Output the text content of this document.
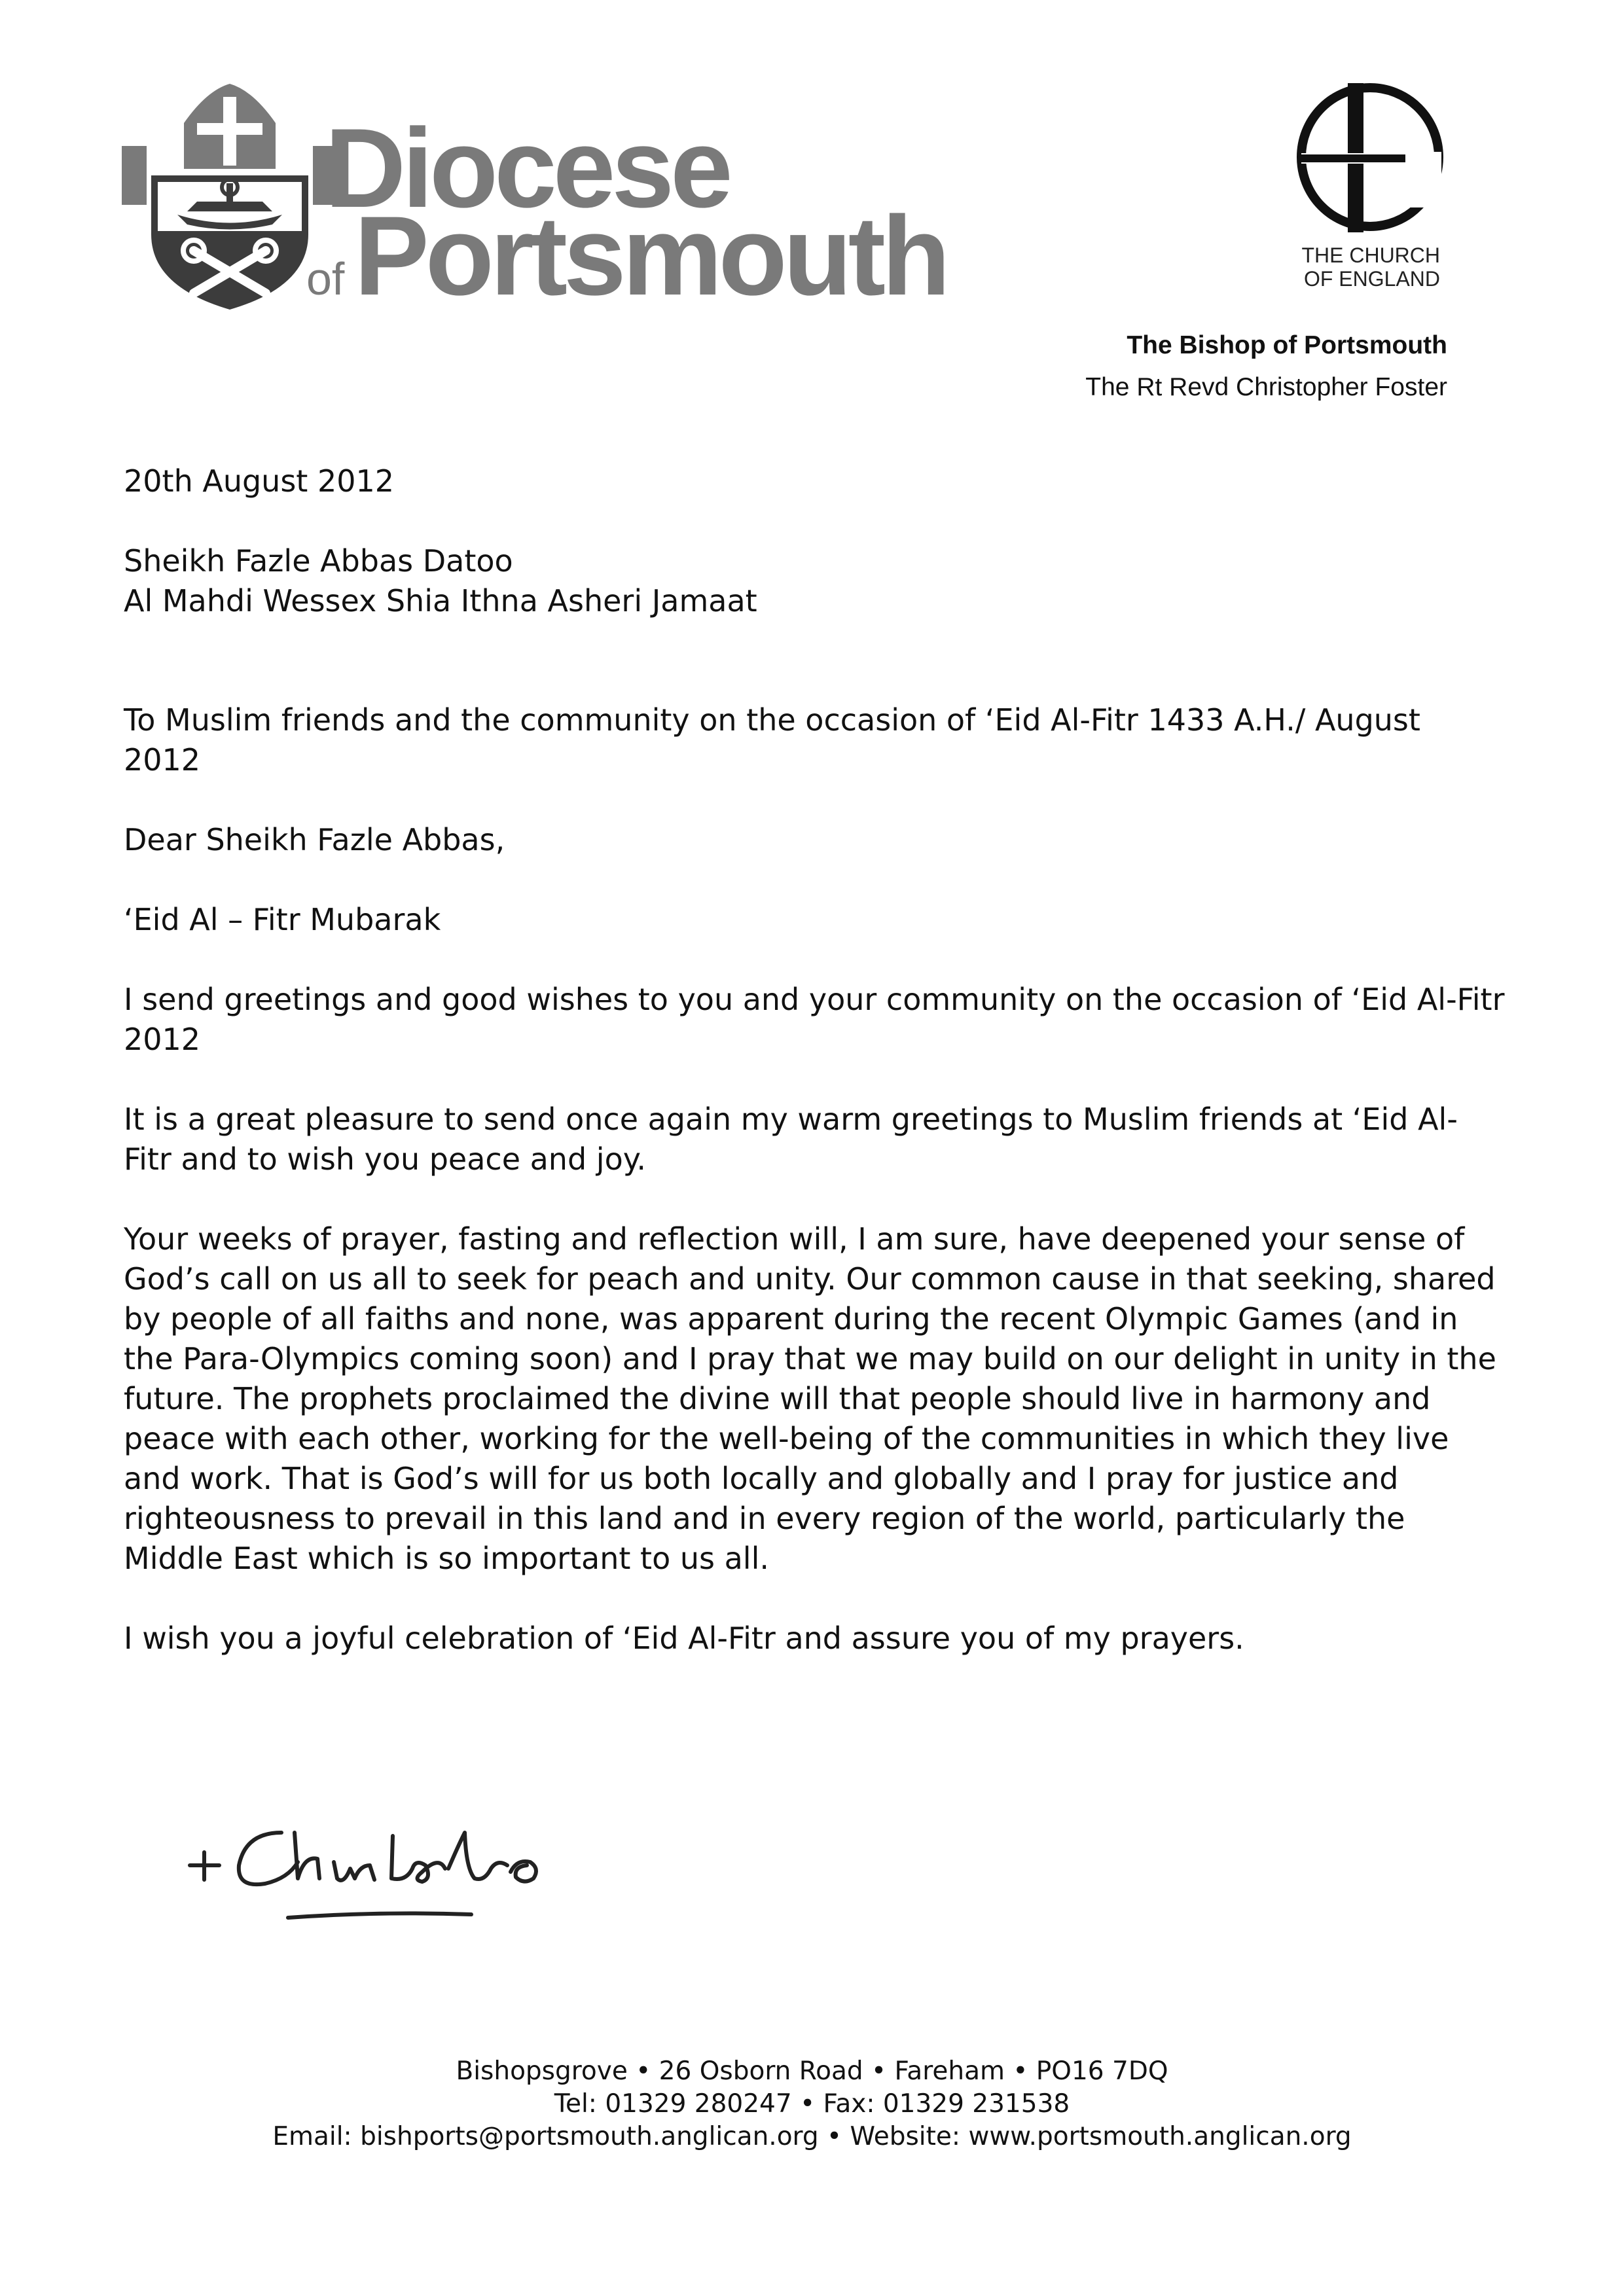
Diocese
of Portsmouth	THE CHURCH
OF ENGLAND
The Bishop of Portsmouth
The Rt Revd Christopher Foster

20th August 2012

Sheikh Fazle Abbas Datoo

Al Mahdi Wessex Shia Ithna Asheri Jamaat

To Muslim friends and the community on the occasion of ‘Eid Al-Fitr 1433 A.H./ August 2012

Dear Sheikh Fazle Abbas,

‘Eid Al – Fitr Mubarak

I send greetings and good wishes to you and your community on the occasion of ‘Eid Al-Fitr 2012

It is a great pleasure to send once again my warm greetings to Muslim friends at ‘Eid Al-Fitr and to wish you peace and joy.

Your weeks of prayer, fasting and reflection will, I am sure, have deepened your sense of God’s call on us all to seek for peach and unity. Our common cause in that seeking, shared by people of all faiths and none, was apparent during the recent Olympic Games (and in the Para-Olympics coming soon) and I pray that we may build on our delight in unity in the future. The prophets proclaimed the divine will that people should live in harmony and peace with each other, working for the well-being of the communities in which they live and work. That is God’s will for us both locally and globally and I pray for justice and righteousness to prevail in this land and in every region of the world, particularly the Middle East which is so important to us all.

I wish you a joyful celebration of ‘Eid Al-Fitr and assure you of my prayers.

Bishopsgrove • 26 Osborn Road • Fareham • PO16 7DQ
Tel: 01329 280247 • Fax: 01329 231538
Email: bishports@portsmouth.anglican.org • Website: www.portsmouth.anglican.org
